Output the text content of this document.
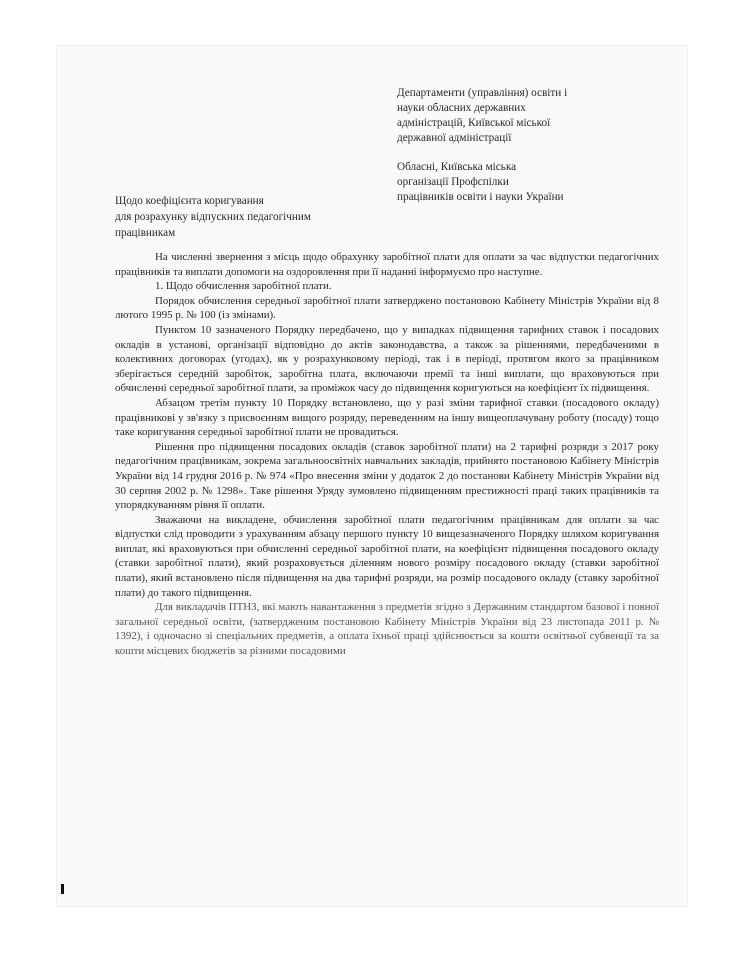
Департаменти (управління) освіти і

науки обласних державних

адміністрацій, Київської міської

державної адміністрації

Обласні, Київська міська

організації Профспілки

працівників освіти і науки України

Щодо коефіцієнта коригування

для розрахунку відпускних педагогічним

працівникам

На численні звернення з місць щодо обрахунку заробітної плати для оплати за час відпустки педагогічних працівників та виплати допомоги на оздоровлення при її наданні інформуємо про наступне.

1. Щодо обчислення заробітної плати.

Порядок обчислення середньої заробітної плати затверджено постановою Кабінету Міністрів України від 8 лютого 1995 р. № 100 (із змінами).

Пунктом 10 зазначеного Порядку передбачено, що у випадках підвищення тарифних ставок і посадових окладів в установі, організації відповідно до актів законодавства, а також за рішеннями, передбаченими в колективних договорах (угодах), як у розрахунковому періоді, так і в періоді, протягом якого за працівником зберігається середній заробіток, заробітна плата, включаючи премії та інші виплати, що враховуються при обчисленні середньої заробітної плати, за проміжок часу до підвищення коригуються на коефіцієнт їх підвищення.

Абзацом третім пункту 10 Порядку встановлено, що у разі зміни тарифної ставки (посадового окладу) працівникові у зв'язку з присвоєнням вищого розряду, переведенням на іншу вищеоплачувану роботу (посаду) тощо таке коригування середньої заробітної плати не провадиться.

Рішення про підвищення посадових окладів (ставок заробітної плати) на 2 тарифні розряди з 2017 року педагогічним працівникам, зокрема загальноосвітніх навчальних закладів, прийнято постановою Кабінету Міністрів України від 14 грудня 2016 р. № 974 «Про внесення зміни у додаток 2 до постанови Кабінету Міністрів України від 30 серпня 2002 р. № 1298». Таке рішення Уряду зумовлено підвищенням престижності праці таких працівників та упорядкуванням рівня її оплати.

Зважаючи на викладене, обчислення заробітної плати педагогічним працівникам для оплати за час відпустки слід проводити з урахуванням абзацу першого пункту 10 вищезазначеного Порядку шляхом коригування виплат, які враховуються при обчисленні середньої заробітної плати, на коефіцієнт підвищення посадового окладу (ставки заробітної плати), який розраховується діленням нового розміру посадового окладу (ставки заробітної плати), який встановлено після підвищення на два тарифні розряди, на розмір посадового окладу (ставку заробітної плати) до такого підвищення.

Для викладачів ПТНЗ, які мають навантаження з предметів згідно з Державним стандартом базової і повної загальної середньої освіти, (затвердженим постановою Кабінету Міністрів України від 23 листопада 2011 р. № 1392), і одночасно зі спеціальних предметів, а оплата їхньої праці здійснюється за кошти освітньої субвенції та за кошти місцевих бюджетів за різними посадовими
